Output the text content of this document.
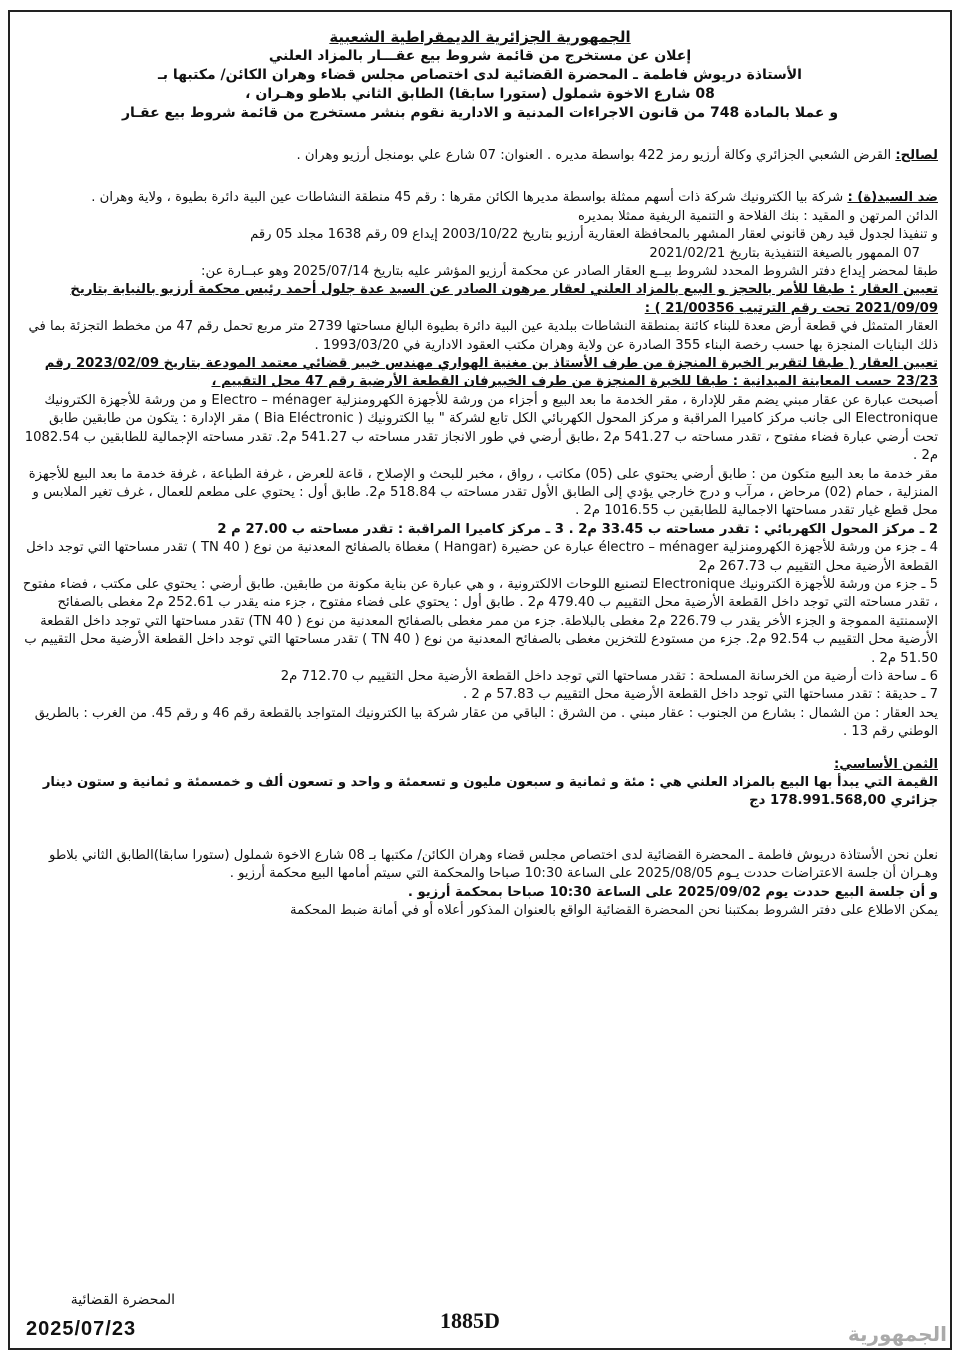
الجمهورية الجزائرية الديمقراطية الشعبية
إعلان عن مستخرج من قائمة شروط بيع عقـــار بالمزاد العلني
الأستاذة دريوش فاطمة ـ المحضرة القضائية لدى اختصاص مجلس قضاء وهران الكائن/ مكتبها بـ
08 شارع الاخوة شملول (ستورا سابقا) الطابق الثاني بلاطو وهـران ،
و عملا بالمادة 748 من قانون الاجراءات المدنية و الادارية نقوم بنشر مستخرج من قائمة شروط بيع عقـار

لصالح: القرض الشعبي الجزائري وكالة أرزيو رمز 422 بواسطة مديره . العنوان: 07 شارع علي بومنجل أرزيو وهران .

ضد السيد(ة) : شركة بيا الكترونيك شركة ذات أسهم ممثلة بواسطة مديرها الكائن مقرها : رقم 45 منطقة النشاطات عين البية دائرة بطيوة ، ولاية وهران .

الدائن المرتهن و المقيد : بنك الفلاحة و التنمية الريفية ممثلا بمديره

و تنفيذا لجدول قيد رهن قانوني لعقار المشهر بالمحافظة العقارية أرزيو بتاريخ 2003/10/22 إيداع 09 رقم 1638 مجلد 05 رقم

07 الممهور بالصيغة التنفيذية بتاريخ 2021/02/21

طبقا لمحضر إيداع دفتر الشروط المحدد لشروط بيــع العقار الصادر عن محكمة أرزيو المؤشر عليه بتاريخ 2025/07/14 وهو عبــارة عن:

تعيين العقار : طبقا للأمر بالحجز و البيع بالمزاد العلني لعقار مرهون الصادر عن السيد عدة جلول أحمد رئيس محكمة أرزيو بالنيابة بتاريخ 2021/09/09 تحت رقم الترتيب 21/00356 ) :

العقار المتمثل في قطعة أرض معدة للبناء كائنة بمنطقة النشاطات ببلدية عين البية دائرة بطيوة البالغ مساحتها 2739 متر مربع تحمل رقم 47 من مخطط التجزئة بما في ذلك البنايات المنجزة بها حسب رخصة البناء 355 الصادرة عن ولاية وهران مكتب العقود الادارية في 1993/03/20 .

تعيين العقار ( طبقا لتقرير الخبرة المنجزة من طرف الأستاذ بن مغنية الهواري مهندس خبير قضائي معتمد المودعة بتاريخ 2023/02/09 رقم 23/23 حسب المعاينة الميدانية : طبقا للخبرة المنجزة من طرف الخبيرفان القطعة الأرضية رقم 47 محل التقييم ،

أصبحت عبارة عن عقار مبني يضم مقر للإدارة ، مقر الخدمة ما بعد البيع و أجزاء من ورشة للأجهزة الكهرومنزلية Electro – ménager و من ورشة للأجهزة الكترونيك Electronique الى جانب مركز كاميرا المراقبة و مركز المحول الكهربائي الكل تابع لشركة " بيا الكترونيك ( Bia Eléctronic ) مقر الإدارة : يتكون من طابقين طابق تحت أرضي عبارة فضاء مفتوح ، تقدر مساحته ب 541.27 م2 ،طابق أرضي في طور الانجاز تقدر مساحته ب 541.27 م2. تقدر مساحته الإجمالية للطابقين ب 1082.54 م2 .

مقر خدمة ما بعد البيع متكون من : طابق أرضي يحتوي على (05) مكاتب ، رواق ، مخبر للبحث و الإصلاح ، قاعة للعرض ، غرفة الطباعة ، غرفة خدمة ما بعد البيع للأجهزة المنزلية ، حمام (02) مرحاض ، مرآب و درج خارجي يؤدي إلى الطابق الأول تقدر مساحته ب 518.84 م2. طابق أول : يحتوي على مطعم للعمال ، غرف تغير الملابس و محل قطع غيار تقدر مساحتها الاجمالية للطابقين ب 1016.55 م2 .

2 ـ مركز المحول الكهربائي : تقدر مساحته ب 33.45 م2 . 3 ـ مركز كاميرا المراقبة : تقدر مساحته ب 27.00 م 2

4 ـ جزء من ورشة للأجهزة الكهرومنزلية électro – ménager عبارة عن حضيرة (Hangar ) مغطاة بالصفائح المعدنية من نوع ( TN 40 ) تقدر مساحتها التي توجد داخل القطعة الأرضية محل التقييم ب 267.73 م2

5 ـ جزء من ورشة للأجهزة الكترونيك Electronique لتصنيع اللوحات الالكترونية ، و هي عبارة عن بناية مكونة من طابقين. طابق أرضي : يحتوي على مكتب ، فضاء مفتوح ، تقدر مساحته التي توجد داخل القطعة الأرضية محل التقييم ب 479.40 م2 . طابق أول : يحتوي على فضاء مفتوح ، جزء منه يقدر ب 252.61 م2 مغطى بالصفائح الإسمنتية المموجة و الجزء الأخر يقدر ب 226.79 م2 مغطى بالبلاطة. جزء من ممر مغطى بالصفائح المعدنية من نوع ( TN 40) تقدر مساحتها التي توجد داخل القطعة الأرضية محل التقييم ب 92.54 م2. جزء من مستودع للتخزين مغطى بالصفائح المعدنية من نوع ( TN 40 ) تقدر مساحتها التي توجد داخل القطعة الأرضية محل التقييم ب 51.50 م2 .

6 ـ ساحة ذات أرضية من الخرسانة المسلحة : تقدر مساحتها التي توجد داخل القطعة الأرضية محل التقييم ب 712.70 م2

7 ـ حديقة : تقدر مساحتها التي توجد داخل القطعة الأرضية محل التقييم ب 57.83 م 2 .

يحد العقار : من الشمال : بشارع من الجنوب : عقار مبني . من الشرق : الباقي من عقار شركة بيا الكترونيك المتواجد بالقطعة رقم 46 و رقم 45. من الغرب : بالطريق الوطني رقم 13 .

الثمن الأساسي:

القيمة التي يبدأ بها البيع بالمزاد العلني هي : مئة و ثمانية و سبعون مليون و تسعمئة و واحد و تسعون ألف و خمسمئة و ثمانية و ستون دينار جزائري 178.991.568,00 دج

نعلن نحن الأستاذة دريوش فاطمة ـ المحضرة القضائية لدى اختصاص مجلس قضاء وهران الكائن/ مكتبها بـ 08 شارع الاخوة شملول (ستورا سابقا)الطابق الثاني بلاطو وهـران أن جلسة الاعتراضات حددت يـوم 2025/08/05 على الساعة 10:30 صباحا والمحكمة التي سيتم أمامها البيع محكمة أرزيو .

و أن جلسة البيع حددت يوم 2025/09/02 على الساعة 10:30 صباحا بمحكمة أرزيو .

يمكن الاطلاع على دفتر الشروط بمكتبنا نحن المحضرة القضائية الواقع بالعنوان المذكور أعلاه أو في أمانة ضبط المحكمة

المحضرة القضائية
2025/07/23	1885D
الجمهورية
